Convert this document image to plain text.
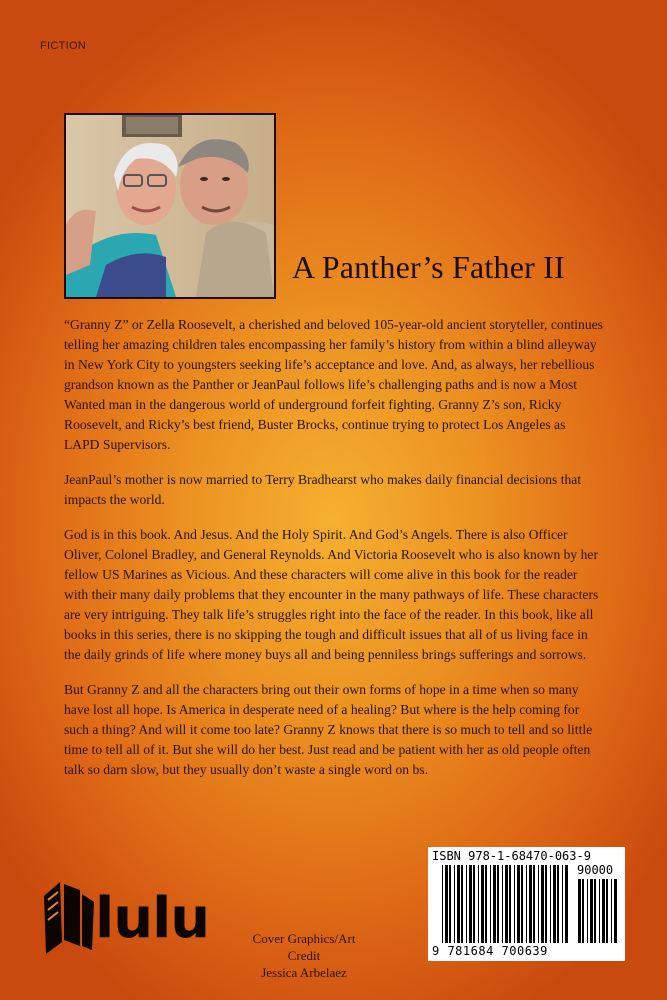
FICTION
A Panther’s Father II

“Granny Z” or Zella Roosevelt, a cherished and beloved 105-year-old ancient storyteller, continues telling her amazing children tales encompassing her family’s history from within a blind alleyway in New York City to youngsters seeking life’s acceptance and love. And, as always, her rebellious grandson known as the Panther or JeanPaul follows life’s challenging paths and is now a Most Wanted man in the dangerous world of underground forfeit fighting. Granny Z’s son, Ricky Roosevelt, and Ricky’s best friend, Buster Brocks, continue trying to protect Los Angeles as LAPD Supervisors.

JeanPaul’s mother is now married to Terry Bradhearst who makes daily financial decisions that impacts the world.

God is in this book. And Jesus. And the Holy Spirit. And God’s Angels. There is also Officer Oliver, Colonel Bradley, and General Reynolds. And Victoria Roosevelt who is also known by her fellow US Marines as Vicious. And these characters will come alive in this book for the reader with their many daily problems that they encounter in the many pathways of life. These characters are very intriguing. They talk life’s struggles right into the face of the reader. In this book, like all books in this series, there is no skipping the tough and difficult issues that all of us living face in the daily grinds of life where money buys all and being penniless brings sufferings and sorrows.

But Granny Z and all the characters bring out their own forms of hope in a time when so many have lost all hope. Is America in desperate need of a healing? But where is the help coming for such a thing? And will it come too late? Granny Z knows that there is so much to tell and so little time to tell all of it. But she will do her best. Just read and be patient with her as old people often talk so darn slow, but they usually don’t waste a single word on bs.

lulu	Cover Graphics/Art Credit
Jessica Arbelaez
ISBN 978-1-68470-063-9
90000
9 781684 700639
